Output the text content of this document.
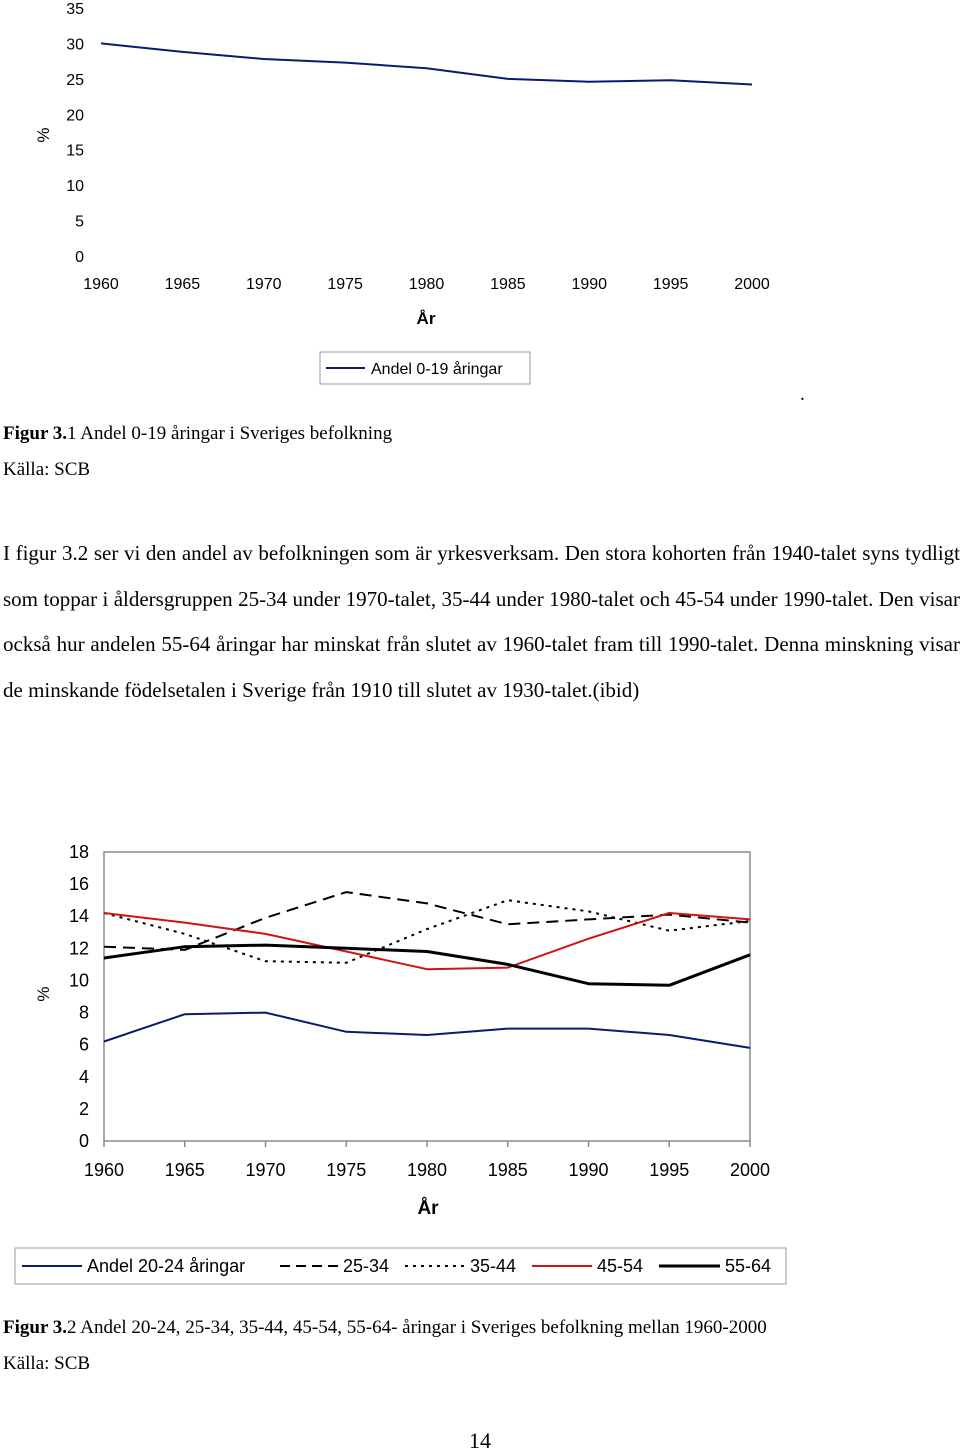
0
5
10
15
20
25
30
35
1960	1965	1970	1975	1980	1985	1990	1995	2000
%
År
Andel 0-19 åringar
.
Figur 3.1 Andel 0-19 åringar i Sveriges befolkning
Källa: SCB
I figur 3.2 ser vi den andel av befolkningen som är yrkesverksam. Den stora kohorten från 1940-talet syns tydligt som toppar i åldersgruppen 25-34 under 1970-talet, 35-44 under 1980-talet och 45-54 under 1990-talet. Den visar också hur andelen 55-64 åringar har minskat från slutet av 1960-talet fram till 1990-talet. Denna minskning visar de minskande födelsetalen i Sverige från 1910 till slutet av 1930-talet.(ibid)
0
2
4
6
8
10
12
14
16
18
1960 1965 1970 1975 1980 1985 1990 1995 2000
%
År
Andel 20-24 åringar	25-34	35-44	45-54	55-64
Figur 3.2 Andel 20-24, 25-34, 35-44, 45-54, 55-64- åringar i Sveriges befolkning mellan 1960-2000
Källa: SCB
14
